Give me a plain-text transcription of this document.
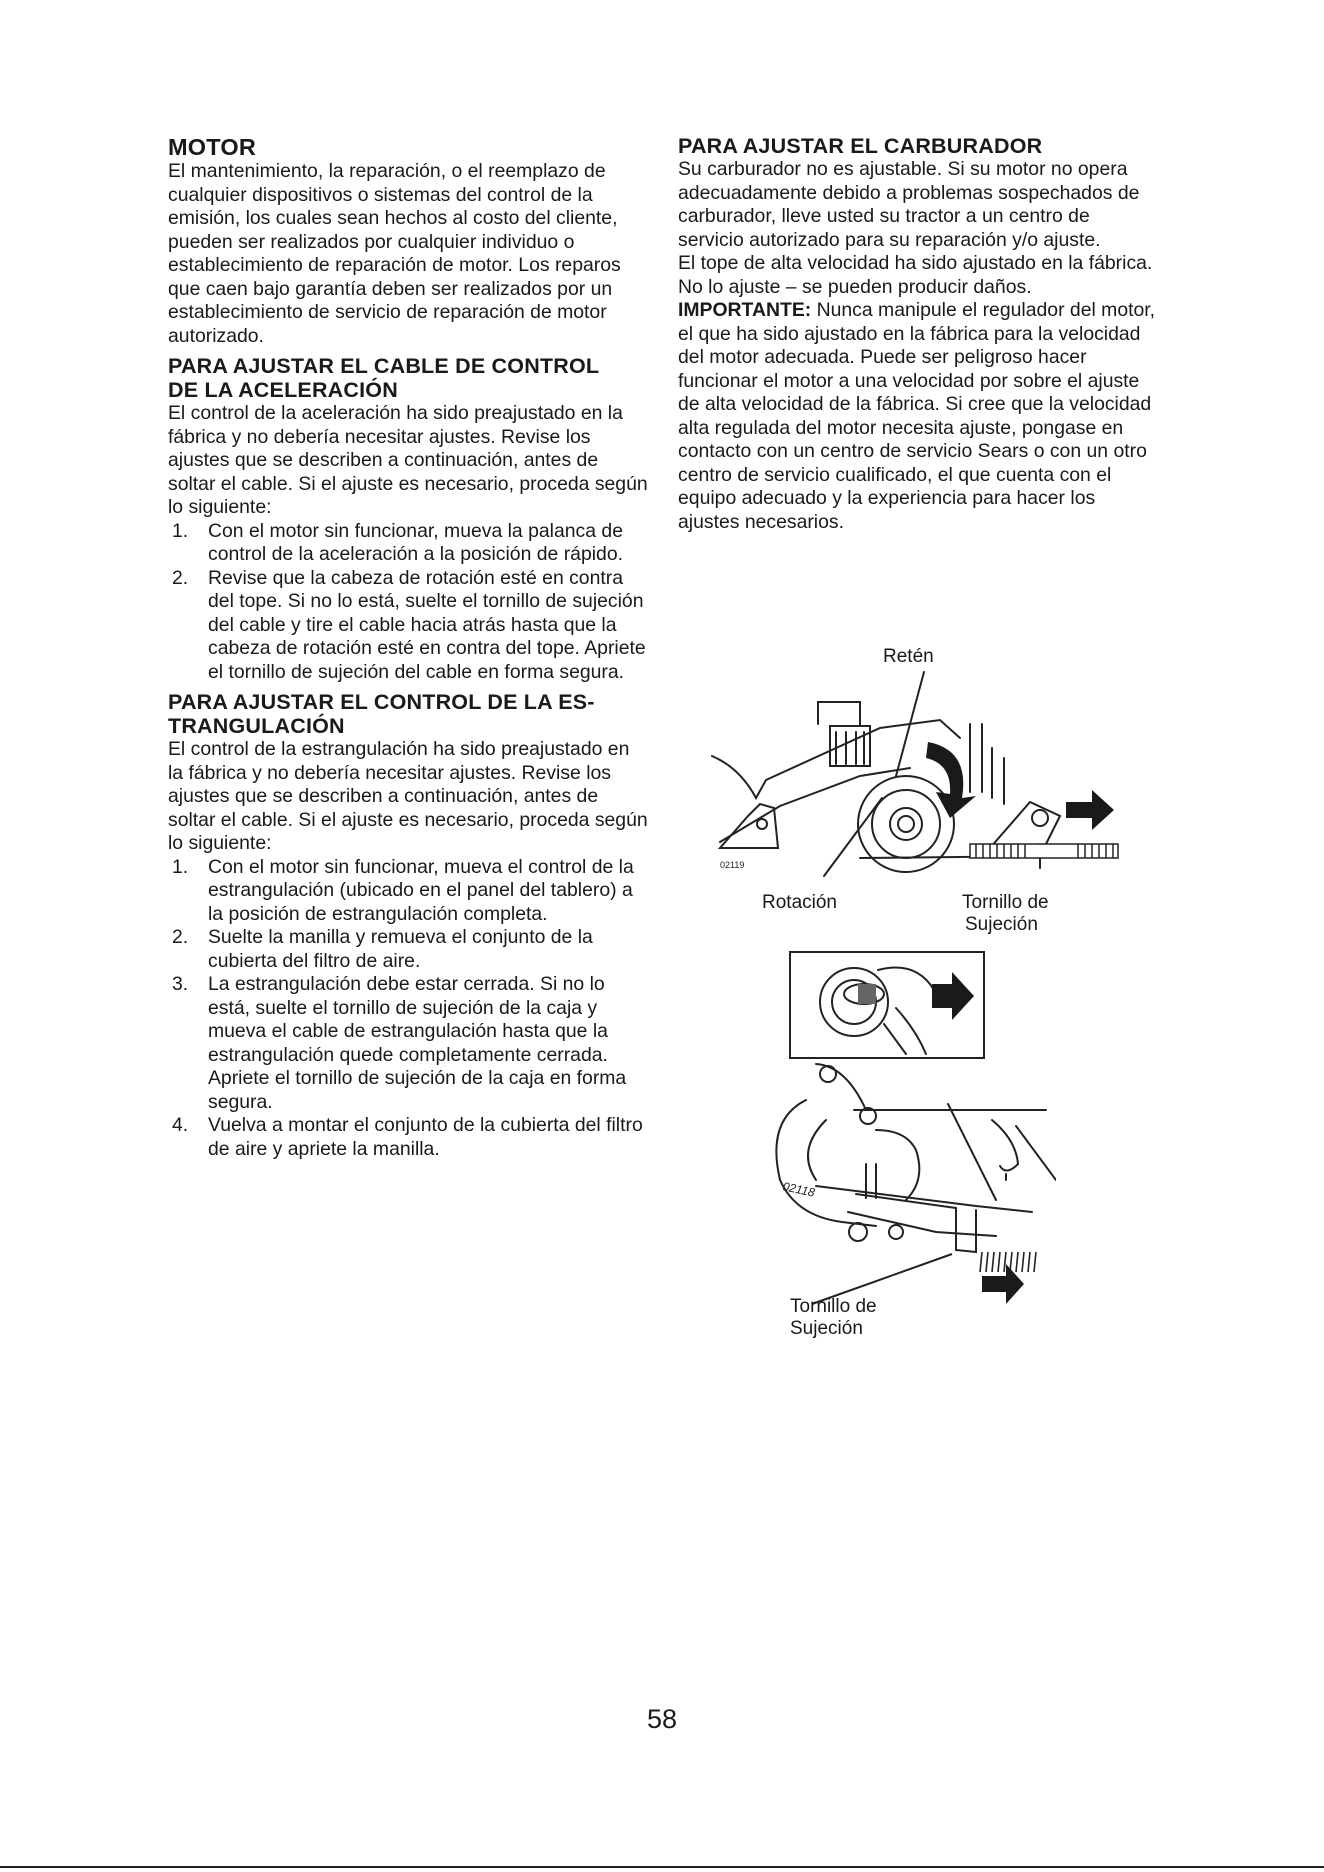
MOTOR

El mantenimiento, la reparación, o el reemplazo de cualquier dispositivos o sistemas del control de la emisión, los cuales sean hechos al costo del cliente, pueden ser realizados por cualquier individuo o establecimiento de reparación de motor. Los reparos que caen bajo garantía deben ser realizados por un establecimiento de servicio de reparación de motor autorizado.

PARA AJUSTAR EL CABLE DE CONTROL
DE LA ACELERACIÓN

El control de la aceleración ha sido preajustado en la fábrica y no debería necesitar ajustes. Revise los ajustes que se describen a continuación, antes de soltar el cable. Si el ajuste es necesario, proceda según lo siguiente:

1.	Con el motor sin funcionar, mueva la palanca de control de la aceleración a la posición de rápido.
2.	Revise que la cabeza de rotación esté en contra del tope. Si no lo está, suelte el tornillo de sujeción del cable y tire el cable hacia atrás hasta que la cabeza de rotación esté en contra del tope. Apriete el tornillo de sujeción del cable en forma segura.
PARA AJUSTAR EL CONTROL DE LA ES-
TRANGULACIÓN

El control de la estrangulación ha sido preajustado en la fábrica y no debería necesitar ajustes. Revise los ajustes que se describen a continuación, antes de soltar el cable. Si el ajuste es necesario, proceda según lo siguiente:

1.	Con el motor sin funcionar, mueva el control de la estrangulación (ubicado en el panel del tablero) a la posición de estrangulación completa.
2.	Suelte la manilla y remueva el conjunto de la cubierta del filtro de aire.
3.	La estrangulación debe estar cerrada. Si no lo está, suelte el tornillo de sujeción de la caja y mueva el cable de estrangulación hasta que la estrangulación quede completamente cerrada. Apriete el tornillo de sujeción de la caja en forma segura.
4.	Vuelva a montar el conjunto de la cubierta del filtro de aire y apriete la manilla.
PARA AJUSTAR EL CARBURADOR

Su carburador no es ajustable. Si su motor no opera adecuadamente debido a problemas sospechados de carburador, lleve usted su tractor a un centro de servicio autorizado para su reparación y/o ajuste.

El tope de alta velocidad ha sido ajustado en la fábrica. No lo ajuste – se pueden producir daños.

IMPORTANTE: Nunca manipule el regulador del motor, el que ha sido ajustado en la fábrica para la velocidad del motor adecuada. Puede ser peligroso hacer funcionar el motor a una velocidad por sobre el ajuste de alta velocidad de la fábrica. Si cree que la velocidad alta regulada del motor necesita ajuste, pongase en contacto con un centro de servicio Sears o con un otro centro de servicio cualificado, el que cuenta con el equipo adecuado y la experiencia para hacer los ajustes necesarios.

Retén
02119
Rotación	Tornillo de
Sujeción
02118
Tornillo de
Sujeción
58
